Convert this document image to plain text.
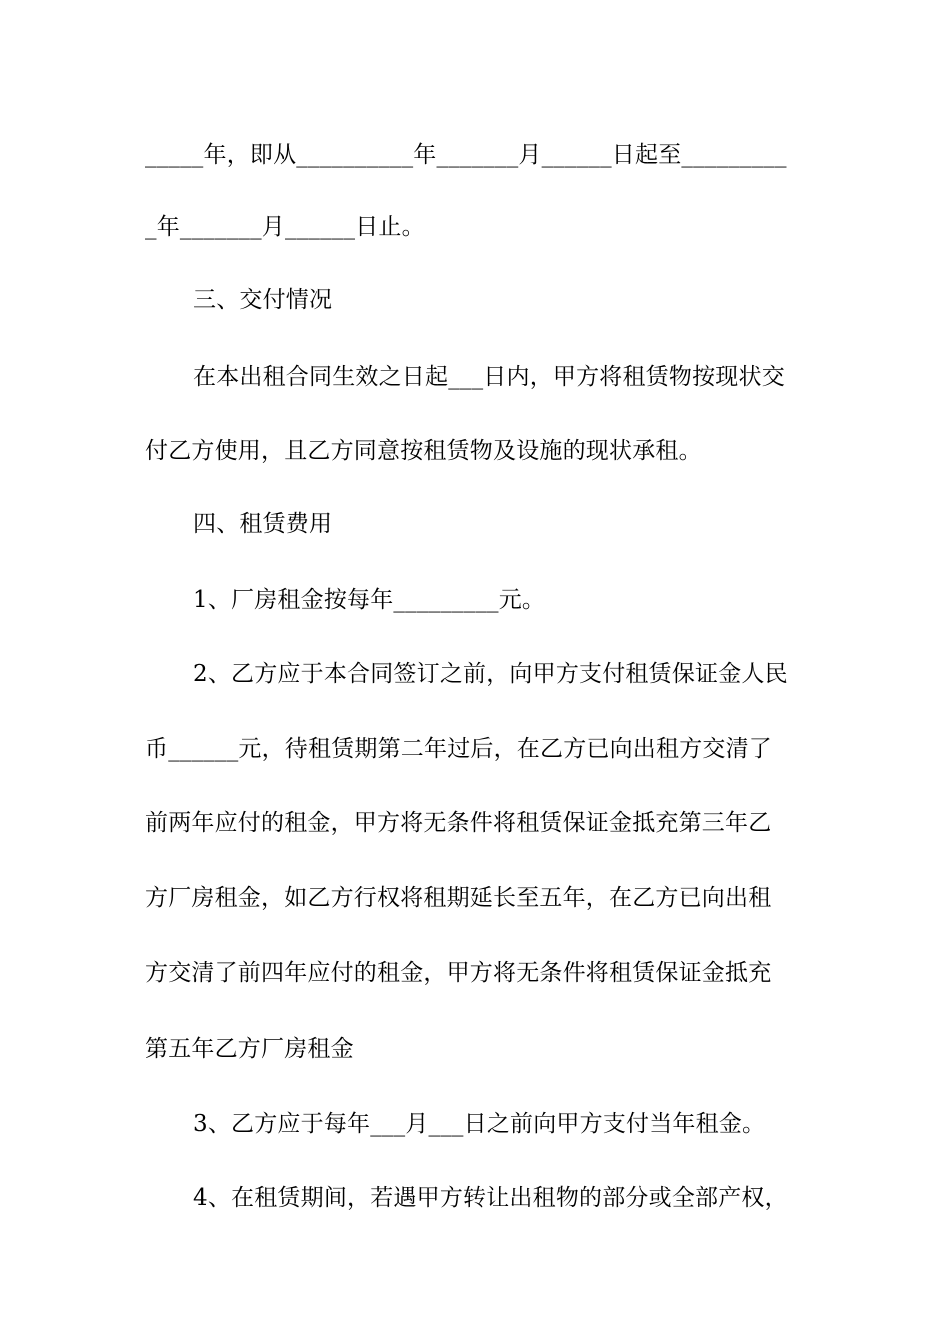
_____年，即从__________年_______月______日起至_________
_年_______月______日止。
三、交付情况
在本出租合同生效之日起___日内，甲方将租赁物按现状交
付乙方使用，且乙方同意按租赁物及设施的现状承租。
四、租赁费用
1、厂房租金按每年_________元。
2、乙方应于本合同签订之前，向甲方支付租赁保证金人民
币______元，待租赁期第二年过后，在乙方已向出租方交清了
前两年应付的租金，甲方将无条件将租赁保证金抵充第三年乙
方厂房租金，如乙方行权将租期延长至五年，在乙方已向出租
方交清了前四年应付的租金，甲方将无条件将租赁保证金抵充
第五年乙方厂房租金
3、乙方应于每年___月___日之前向甲方支付当年租金。
4、在租赁期间，若遇甲方转让出租物的部分或全部产权，
